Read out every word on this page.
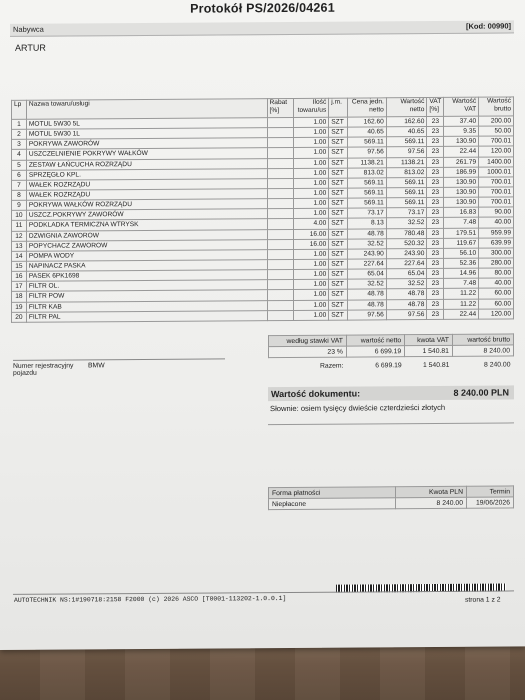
Protokół PS/2026/04261
Nabywca	[Kod: 00990]
ARTUR
Lp	Nazwa towaru/usługi	Rabat [%]	Ilość towaru/us	j.m.	Cena jedn. netto	Wartość netto	VAT [%]	Wartość VAT	Wartość brutto
1	MOTUL 5W30 5L		1.00	SZT	162.60	162.60	23	37.40	200.00
2	MOTUL 5W30 1L		1.00	SZT	40.65	40.65	23	9.35	50.00
3	POKRYWA ZAWORÓW		1.00	SZT	569.11	569.11	23	130.90	700.01
4	USZCZELNIENIE POKRYWY WAŁKÓW		1.00	SZT	97.56	97.56	23	22.44	120.00
5	ZESTAW ŁAŃCUCHA ROZRZĄDU		1.00	SZT	1138.21	1138.21	23	261.79	1400.00
6	SPRZĘGŁO KPL.		1.00	SZT	813.02	813.02	23	186.99	1000.01
7	WAŁEK ROZRZĄDU		1.00	SZT	569.11	569.11	23	130.90	700.01
8	WAŁEK ROZRZĄDU		1.00	SZT	569.11	569.11	23	130.90	700.01
9	POKRYWA WAŁKÓW ROZRZĄDU		1.00	SZT	569.11	569.11	23	130.90	700.01
10	USZCZ.POKRYWY ZAWORÓW		1.00	SZT	73.17	73.17	23	16.83	90.00
11	PODKLADKA TERMICZNA WTRYSK		4.00	SZT	8.13	32.52	23	7.48	40.00
12	DZWIGNIA ZAWOROW		16.00	SZT	48.78	780.48	23	179.51	959.99
13	POPYCHACZ ZAWOROW		16.00	SZT	32.52	520.32	23	119.67	639.99
14	POMPA WODY		1.00	SZT	243.90	243.90	23	56.10	300.00
15	NAPINACZ PASKA		1.00	SZT	227.64	227.64	23	52.36	280.00
16	PASEK 6PK1698		1.00	SZT	65.04	65.04	23	14.96	80.00
17	FILTR OL.		1.00	SZT	32.52	32.52	23	7.48	40.00
18	FILTR POW		1.00	SZT	48.78	48.78	23	11.22	60.00
19	FILTR KAB		1.00	SZT	48.78	48.78	23	11.22	60.00
20	FILTR PAL		1.00	SZT	97.56	97.56	23	22.44	120.00
według stawki VAT	wartość netto	kwota VAT	wartość brutto
23 %	6 699.19	1 540.81	8 240.00
Razem:	6 699.19	1 540.81	8 240.00
Numer rejestracyjny pojazdu
BMW
Wartość dokumentu:	8 240.00 PLN
Słownie: osiem tysięcy dwieście czterdzieści złotych
Forma płatności	Kwota PLN	Termin
Niepłacone	8 240.00	19/06/2026
AUTOTECHNIK NS:1#190718:2158 F2000 (c) 2026 ASCO [T0001-113202-1.0.0.1]	strona 1 z 2
